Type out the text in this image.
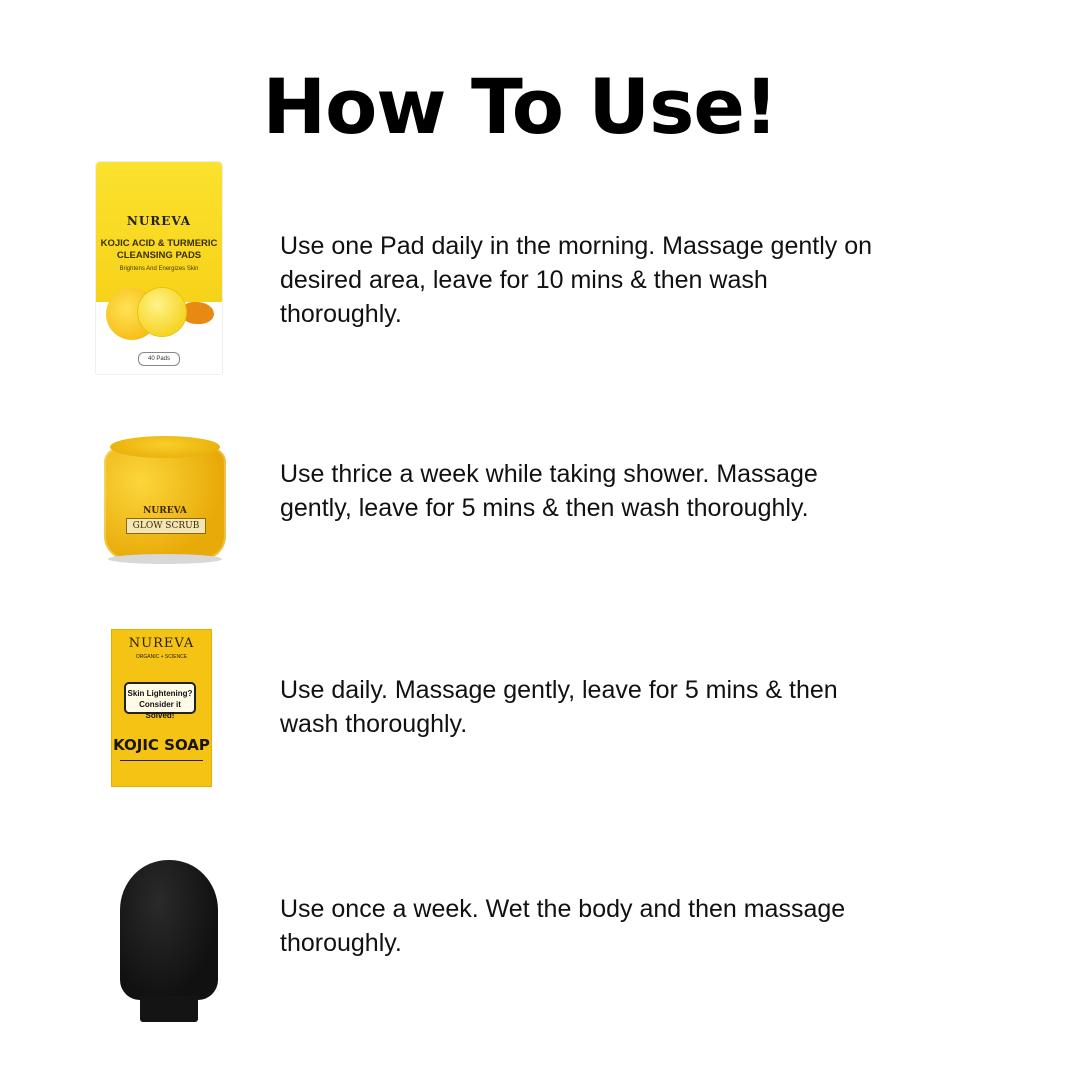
How To Use!
NUREVA
KOJIC ACID & TURMERIC CLEANSING PADS
Brightens And Energizes Skin
40 Pads
Use one Pad daily in the morning. Massage gently on desired area, leave for 10 mins & then wash thoroughly.
NUREVA
GLOW SCRUB
Use thrice a week while taking shower. Massage gently, leave for 5 mins & then wash thoroughly.
NUREVA
ORGANIC + SCIENCE
Skin Lightening? Consider it Solved!
KOJIC SOAP
Use daily. Massage gently, leave for 5 mins & then wash thoroughly.
Use once a week. Wet the body and then massage thoroughly.
